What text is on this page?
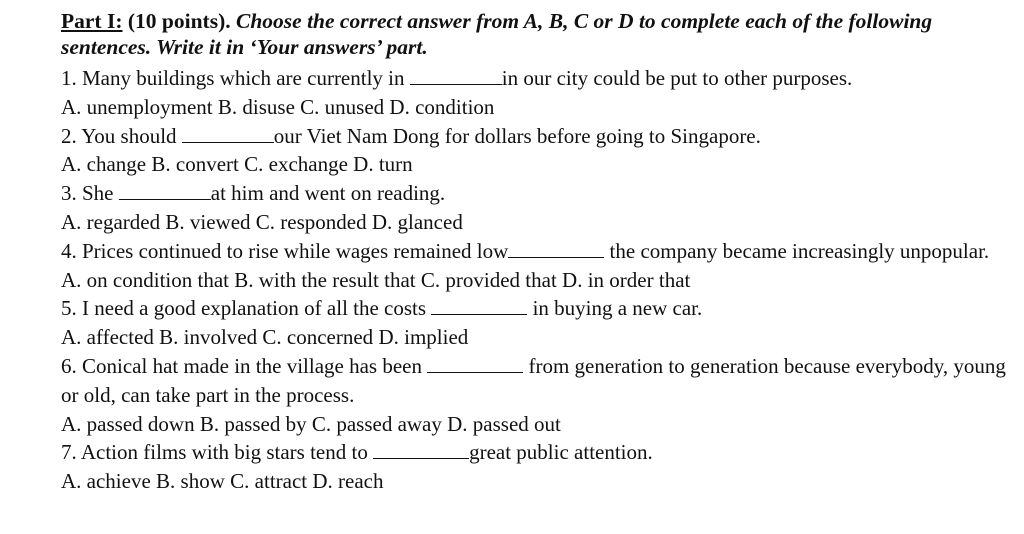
Part I: (10 points). Choose the correct answer from A, B, C or D to complete each of the following sentences. Write it in ‘Your answers’ part.

1. Many buildings which are currently in	in our city could be put to other purposes.

A. unemployment B. disuse C. unused D. condition

2. You should	our Viet Nam Dong for dollars before going to Singapore.

A. change B. convert C. exchange D. turn

3. She	at him and went on reading.

A. regarded B. viewed C. responded D. glanced

4. Prices continued to rise while wages remained low	the company became increasingly unpopular.

A. on condition that B. with the result that C. provided that D. in order that

5. I need a good explanation of all the costs	in buying a new car.

A. affected B. involved C. concerned D. implied

6. Conical hat made in the village has been	from generation to generation because everybody, young or old, can take part in the process.

A. passed down B. passed by C. passed away D. passed out

7. Action films with big stars tend to	great public attention.

A. achieve B. show C. attract D. reach
